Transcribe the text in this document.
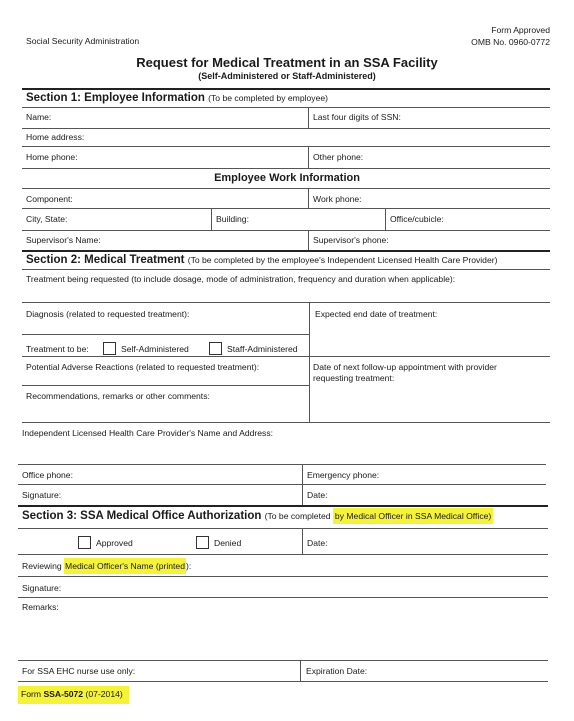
Social Security Administration
Form Approved
OMB No. 0960-0772
Request for Medical Treatment in an SSA Facility
(Self-Administered or Staff-Administered)
Section 1: Employee Information (To be completed by employee)
Name:	Last four digits of SSN:
Home address:
Home phone:	Other phone:
Employee Work Information
Component:	Work phone:
City, State:	Building:	Office/cubicle:
Supervisor's Name:	Supervisor's phone:
Section 2: Medical Treatment (To be completed by the employee's Independent Licensed Health Care Provider)
Treatment being requested (to include dosage, mode of administration, frequency and duration when applicable):
Diagnosis (related to requested treatment):	Expected end date of treatment:
Treatment to be:	Self-Administered	Staff-Administered
Potential Adverse Reactions (related to requested treatment):	Date of next follow-up appointment with provider requesting treatment:
Recommendations, remarks or other comments:
Independent Licensed Health Care Provider's Name and Address:
Office phone:	Emergency phone:
Signature:	Date:
Section 3: SSA Medical Office Authorization (To be completed by Medical Officer in SSA Medical Office)
Approved	Denied	Date:
Reviewing Medical Officer's Name (printed):
Signature:
Remarks:
For SSA EHC nurse use only:	Expiration Date:
Form SSA-5072 (07-2014)
